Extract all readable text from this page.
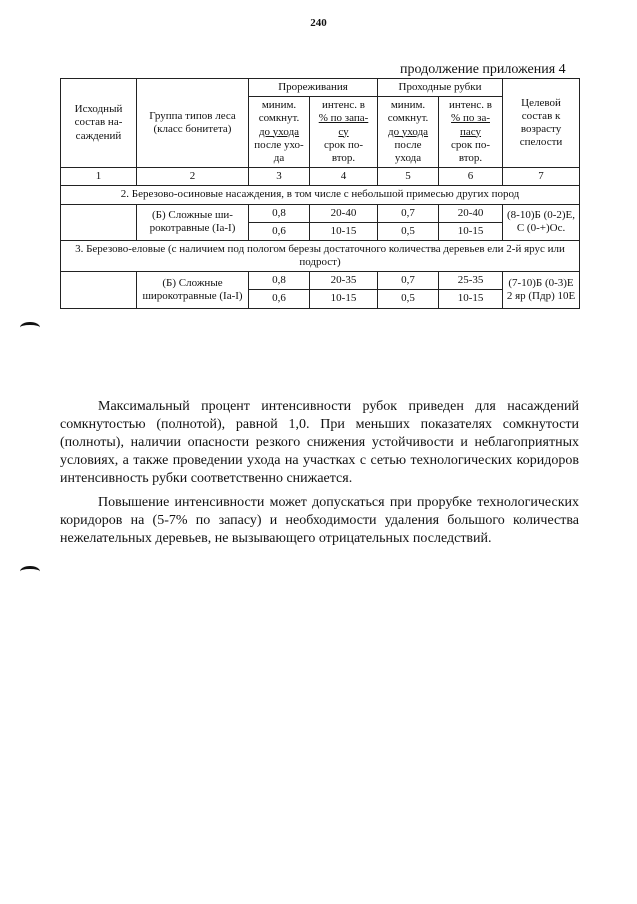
240
продолжение приложения 4
Исходный состав на-саждений	Группа типов леса (класс бонитета)	Прореживания		Проходные рубки		Целевой состав к возрасту спелости
		миним.
сомкнут.
до ухода
после ухо-
да	интенс. в
% по запа-
су
срок по-
втор.	миним.
сомкнут.
до ухода
после
ухода	интенс. в
% по за-
пасу
срок по-
втор.	
1	2	3	4	5	6	7
2. Березово-осиновые насаждения, в том числе с небольшой примесью других пород						
	(Б) Сложные ши-рокотравные (Iа-I)	0,8	20-40	0,7	20-40	(8-10)Б (0-2)Е, С (0-+)Ос.
		0,6	10-15	0,5	10-15	
3. Березово-еловые (с наличием под пологом березы достаточного количества деревьев ели 2-й ярус или подрост)						
	(Б) Сложные широкотравные (Iа-I)	0,8	20-35	0,7	25-35	(7-10)Б (0-3)Е 2 яр (Пдр) 10Е
		0,6	10-15	0,5	10-15	

Максимальный процент интенсивности рубок приведен для насаждений сомкнутостью (полнотой), равной 1,0. При меньших показателях сомкнутости (полноты), наличии опасности резкого снижения устойчивости и неблагоприятных условиях, а также проведении ухода на участках с сетью технологических коридоров интенсивность рубки соответственно снижается.

Повышение интенсивности может допускаться при прорубке технологических коридоров на (5-7% по запасу) и необходимости удаления большого количества нежелательных деревьев, не вызывающего отрицательных последствий.
